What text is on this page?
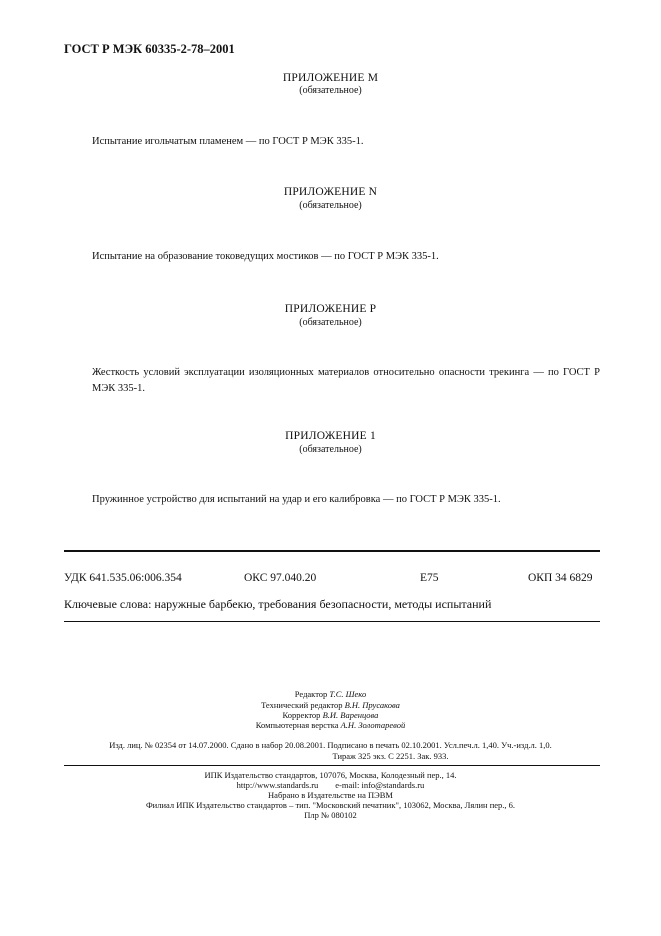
ГОСТ Р МЭК 60335-2-78–2001
ПРИЛОЖЕНИЕ М
(обязательное)
Испытание игольчатым пламенем — по ГОСТ Р МЭК 335-1.
ПРИЛОЖЕНИЕ N
(обязательное)
Испытание на образование токоведущих мостиков — по ГОСТ Р МЭК 335-1.
ПРИЛОЖЕНИЕ Р
(обязательное)
Жесткость условий эксплуатации изоляционных материалов относительно опасности трекинга — по ГОСТ Р МЭК 335-1.
ПРИЛОЖЕНИЕ 1
(обязательное)
Пружинное устройство для испытаний на удар и его калибровка — по ГОСТ Р МЭК 335-1.
УДК 641.535.06:006.354	ОКС 97.040.20	Е75	ОКП 34 6829
Ключевые слова: наружные барбекю, требования безопасности, методы испытаний
Редактор Т.С. Шеко
Технический редактор В.Н. Прусакова
Корректор В.И. Варенцова
Компьютерная верстка А.Н. Золотаревой
Изд. лиц. № 02354 от 14.07.2000. Сдано в набор 20.08.2001. Подписано в печать 02.10.2001. Усл.печ.л. 1,40. Уч.-изд.л. 1,0.
Тираж 325 экз. С 2251. Зак. 933.
ИПК Издательство стандартов, 107076, Москва, Колодезный пер., 14.
http://www.standards.ru        e-mail: info@standards.ru
Набрано в Издательстве на ПЭВМ
Филиал ИПК Издательство стандартов – тип. "Московский печатник", 103062, Москва, Лялин пер., 6.
Плр № 080102
